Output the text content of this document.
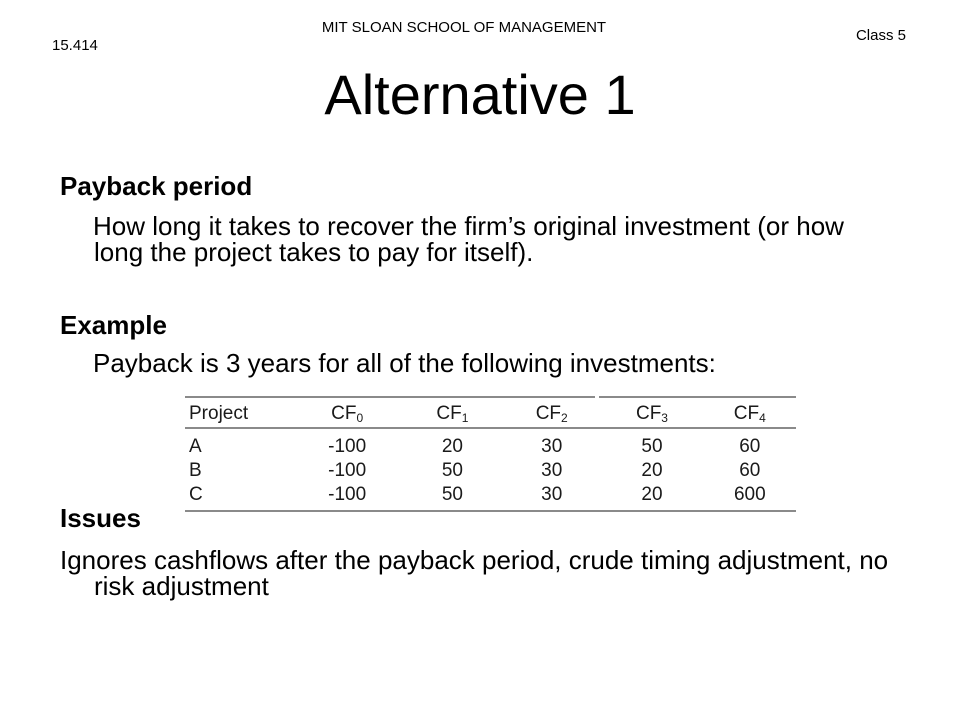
15.414
MIT SLOAN SCHOOL OF MANAGEMENT	Class 5
Alternative 1
Payback period
How long it takes to recover the firm’s original investment (or how long the project takes to pay for itself).
Example
Payback is 3 years for all of the following investments:
Project	$CF_0$	$CF_1$	$CF_2$	$CF_3$	$CF_4$
A	-100	20	30	50	60
B	-100	50	30	20	60
C	-100	50	30	20	600
Issues
Ignores cashflows after the payback period, crude timing adjustment, no risk adjustment
